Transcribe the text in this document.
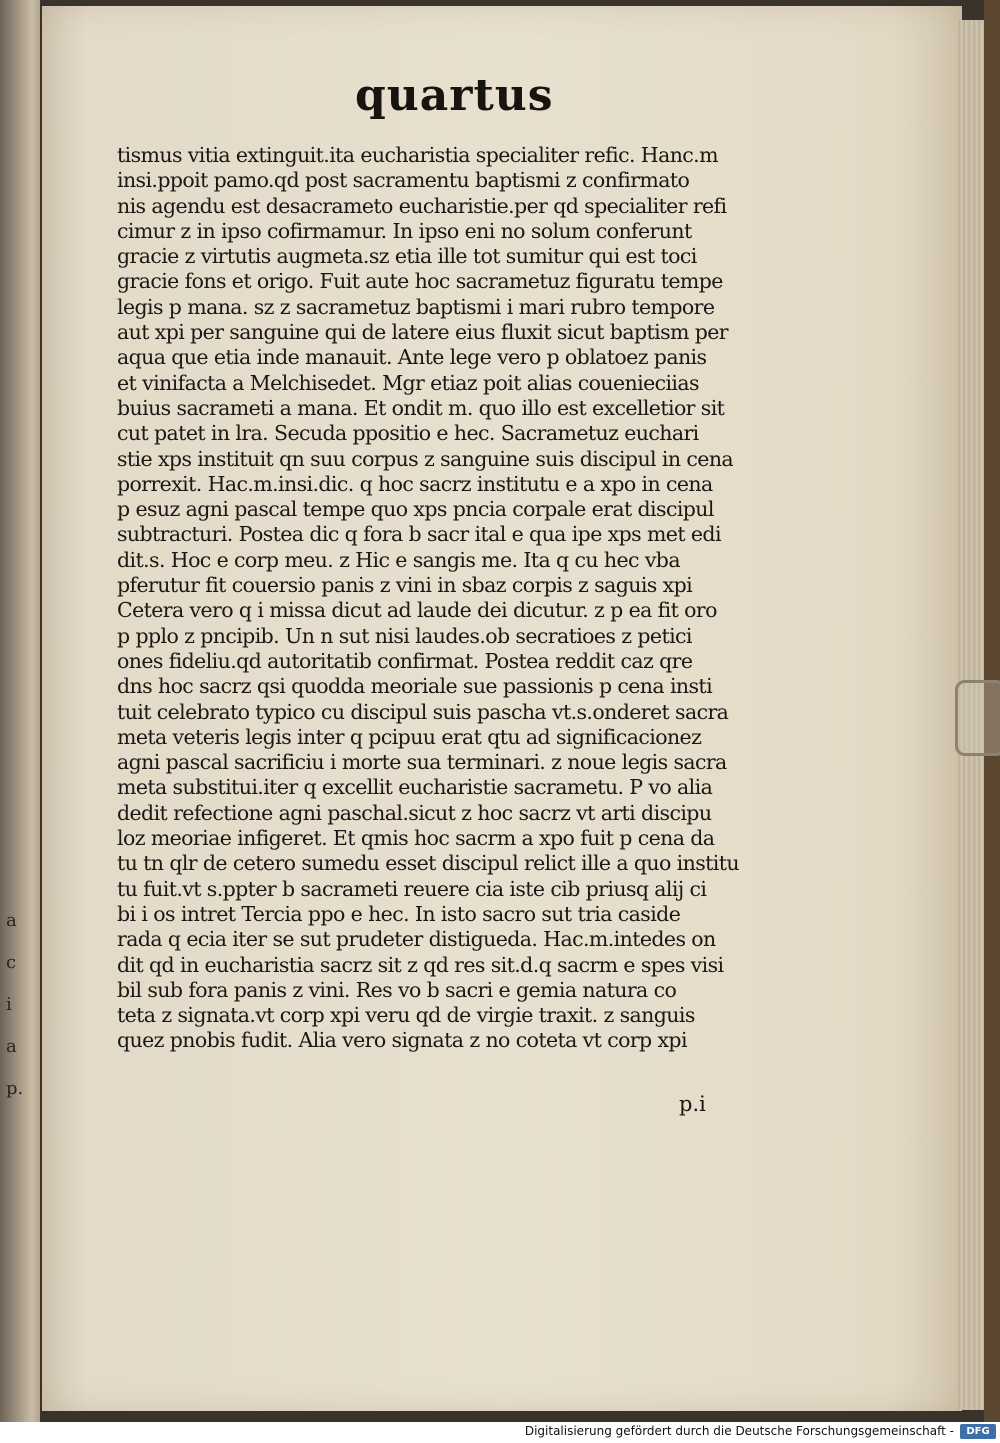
a
c
i
a
p.
quartus
tismus vitia extinguit.ita eucharistia specialiter refic. Hanc.m
insi.ppoit pamo.qd post sacramentu baptismi z confirmato
nis agendu est desacrameto eucharistie.per qd specialiter refi
cimur z in ipso cofirmamur. In ipso eni no solum conferunt
gracie z virtutis augmeta.sz etia ille tot sumitur qui est toci
gracie fons et origo. Fuit aute hoc sacrametuz figuratu tempe
legis p mana. sz z sacrametuz baptismi i mari rubro tempore
aut xpi per sanguine qui de latere eius fluxit sicut baptism per
aqua que etia inde manauit. Ante lege vero p oblatoez panis
et vinifacta a Melchisedet. Mgr etiaz poit alias couenieciias
buius sacrameti a mana. Et ondit m. quo illo est excelletior sit
cut patet in lra. Secuda ppositio e hec. Sacrametuz euchari
stie xps instituit qn suu corpus z sanguine suis discipul in cena
porrexit. Hac.m.insi.dic. q hoc sacrz institutu e a xpo in cena
p esuz agni pascal tempe quo xps pncia corpale erat discipul
subtracturi. Postea dic q fora b sacr ital e qua ipe xps met edi
dit.s. Hoc e corp meu. z Hic e sangis me. Ita q cu hec vba
pferutur fit couersio panis z vini in sbaz corpis z saguis xpi
Cetera vero q i missa dicut ad laude dei dicutur. z p ea fit oro
p pplo z pncipib. Un n sut nisi laudes.ob secratioes z petici
ones fideliu.qd autoritatib confirmat. Postea reddit caz qre
dns hoc sacrz qsi quodda meoriale sue passionis p cena insti
tuit celebrato typico cu discipul suis pascha vt.s.onderet sacra
meta veteris legis inter q pcipuu erat qtu ad significacionez
agni pascal sacrificiu i morte sua terminari. z noue legis sacra
meta substitui.iter q excellit eucharistie sacrametu. P vo alia
dedit refectione agni paschal.sicut z hoc sacrz vt arti discipu
loz meoriae infigeret. Et qmis hoc sacrm a xpo fuit p cena da
tu tn qlr de cetero sumedu esset discipul relict ille a quo institu
tu fuit.vt s.ppter b sacrameti reuere cia iste cib priusq alij ci
bi i os intret Tercia ppo e hec. In isto sacro sut tria caside
rada q ecia iter se sut prudeter distigueda. Hac.m.intedes on
dit qd in eucharistia sacrz sit z qd res sit.d.q sacrm e spes visi
bil sub fora panis z vini. Res vo b sacri e gemia natura co
teta z signata.vt corp xpi veru qd de virgie traxit. z sanguis
quez pnobis fudit. Alia vero signata z no coteta vt corp xpi
p.i
Digitalisierung gefördert durch die Deutsche Forschungsgemeinschaft -	DFG
